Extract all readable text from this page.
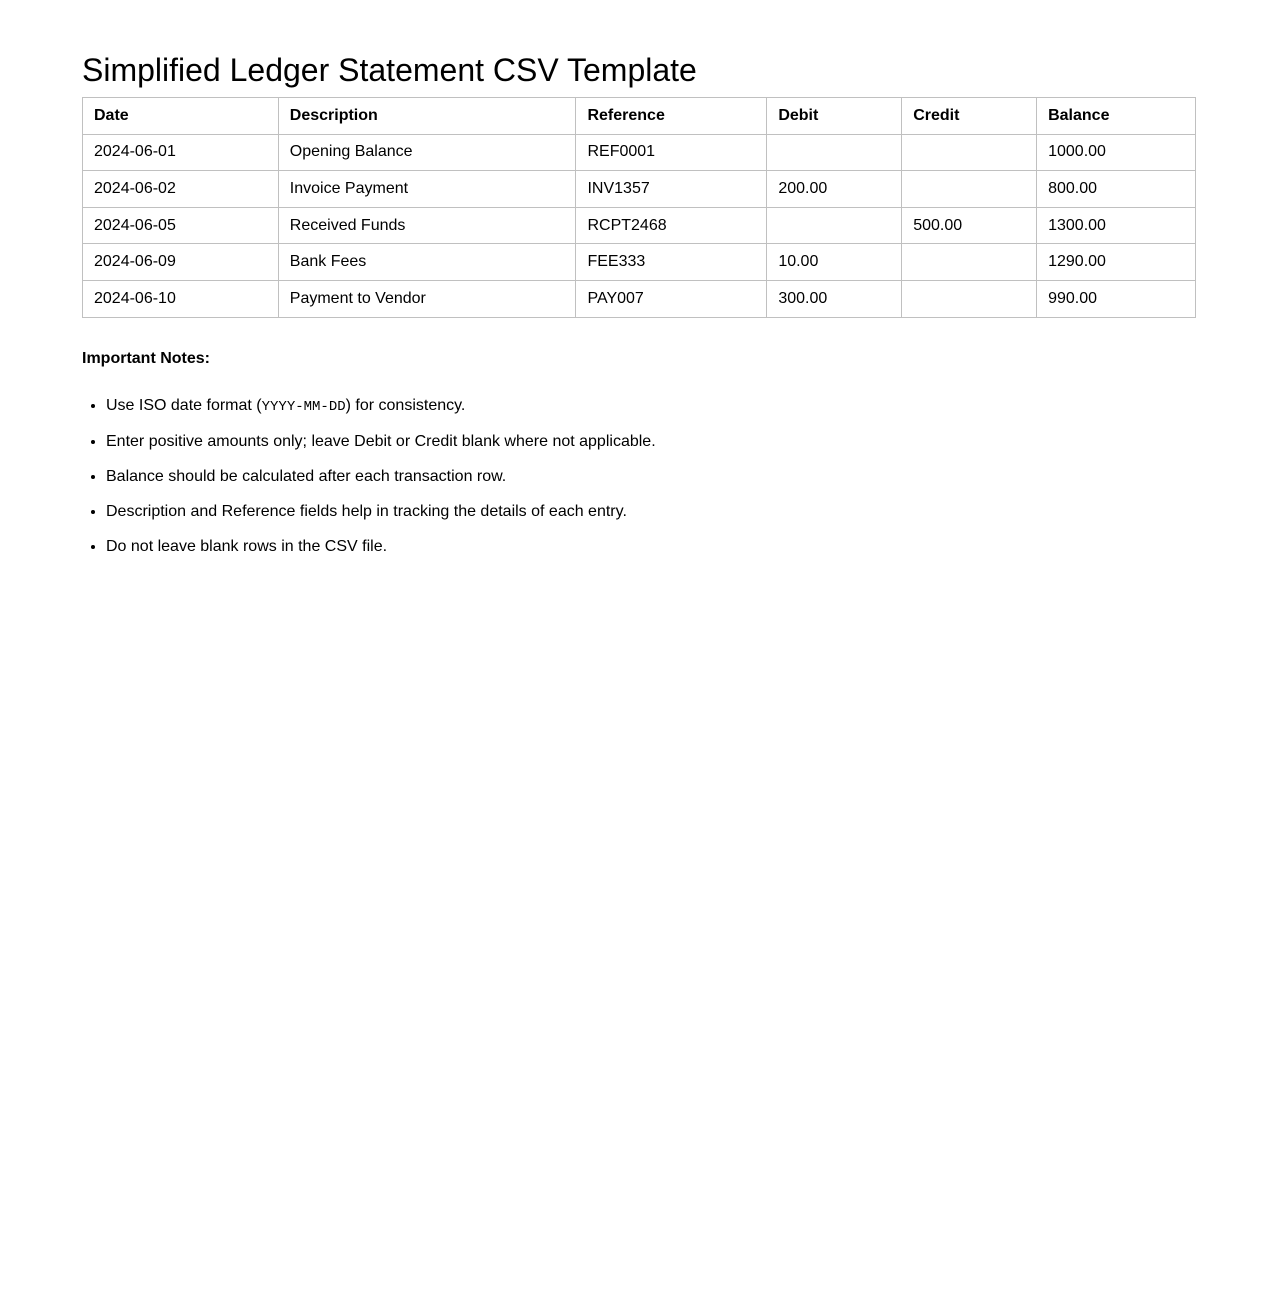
Simplified Ledger Statement CSV Template
Date	Description	Reference	Debit	Credit	Balance
2024-06-01	Opening Balance	REF0001			1000.00
2024-06-02	Invoice Payment	INV1357	200.00		800.00
2024-06-05	Received Funds	RCPT2468		500.00	1300.00
2024-06-09	Bank Fees	FEE333	10.00		1290.00
2024-06-10	Payment to Vendor	PAY007	300.00		990.00

Important Notes:

• Use ISO date format (YYYY-MM-DD) for consistency.
• Enter positive amounts only; leave Debit or Credit blank where not applicable.
• Balance should be calculated after each transaction row.
• Description and Reference fields help in tracking the details of each entry.
• Do not leave blank rows in the CSV file.
